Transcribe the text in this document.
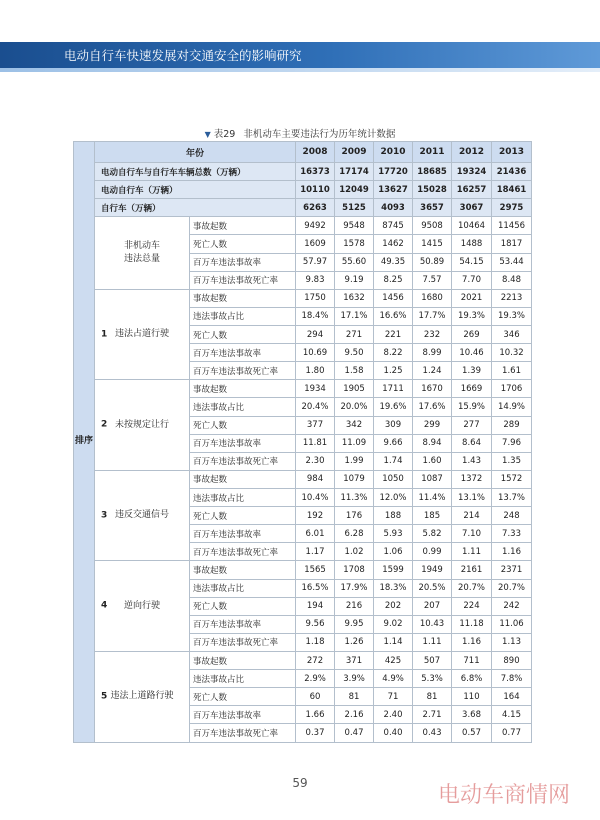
电动自行车快速发展对交通安全的影响研究
▼ 表29 非机动车主要违法行为历年统计数据
排序	年份		2008	2009	2010	2011	2012	2013
	电动自行车与自行车车辆总数（万辆）		16373	17174	17720	18685	19324	21436
	电动自行车（万辆）		10110	12049	13627	15028	16257	18461
	自行车（万辆）		6263	5125	4093	3657	3067	2975

非机动车违法总量	事故起数	9492	9548	8745	9508	10464	11456
		死亡人数	1609	1578	1462	1415	1488	1817
		百万车违法事故率	57.97	55.60	49.35	50.89	54.15	53.44
		百万车违法事故死亡率	9.83	9.19	8.25	7.57	7.70	8.48

	1 违法占道行驶	事故起数	1750	1632	1456	1680	2021	2213
		违法事故占比	18.4%	17.1%	16.6%	17.7%	19.3%	19.3%
		死亡人数	294	271	221	232	269	346
		百万车违法事故率	10.69	9.50	8.22	8.99	10.46	10.32
		百万车违法事故死亡率	1.80	1.58	1.25	1.24	1.39	1.61

	2 未按规定让行	事故起数	1934	1905	1711	1670	1669	1706
		违法事故占比	20.4%	20.0%	19.6%	17.6%	15.9%	14.9%
		死亡人数	377	342	309	299	277	289
		百万车违法事故率	11.81	11.09	9.66	8.94	8.64	7.96
		百万车违法事故死亡率	2.30	1.99	1.74	1.60	1.43	1.35

	3 违反交通信号	事故起数	984	1079	1050	1087	1372	1572
		违法事故占比	10.4%	11.3%	12.0%	11.4%	13.1%	13.7%
		死亡人数	192	176	188	185	214	248
		百万车违法事故率	6.01	6.28	5.93	5.82	7.10	7.33
		百万车违法事故死亡率	1.17	1.02	1.06	0.99	1.11	1.16

	4 逆向行驶	事故起数	1565	1708	1599	1949	2161	2371
		违法事故占比	16.5%	17.9%	18.3%	20.5%	20.7%	20.7%
		死亡人数	194	216	202	207	224	242
		百万车违法事故率	9.56	9.95	9.02	10.43	11.18	11.06
		百万车违法事故死亡率	1.18	1.26	1.14	1.11	1.16	1.13

	5 违法上道路行驶	事故起数	272	371	425	507	711	890
		违法事故占比	2.9%	3.9%	4.9%	5.3%	6.8%	7.8%
		死亡人数	60	81	71	81	110	164
		百万车违法事故率	1.66	2.16	2.40	2.71	3.68	4.15
		百万车违法事故死亡率	0.37	0.47	0.40	0.43	0.57	0.77
59	电动车商情网
